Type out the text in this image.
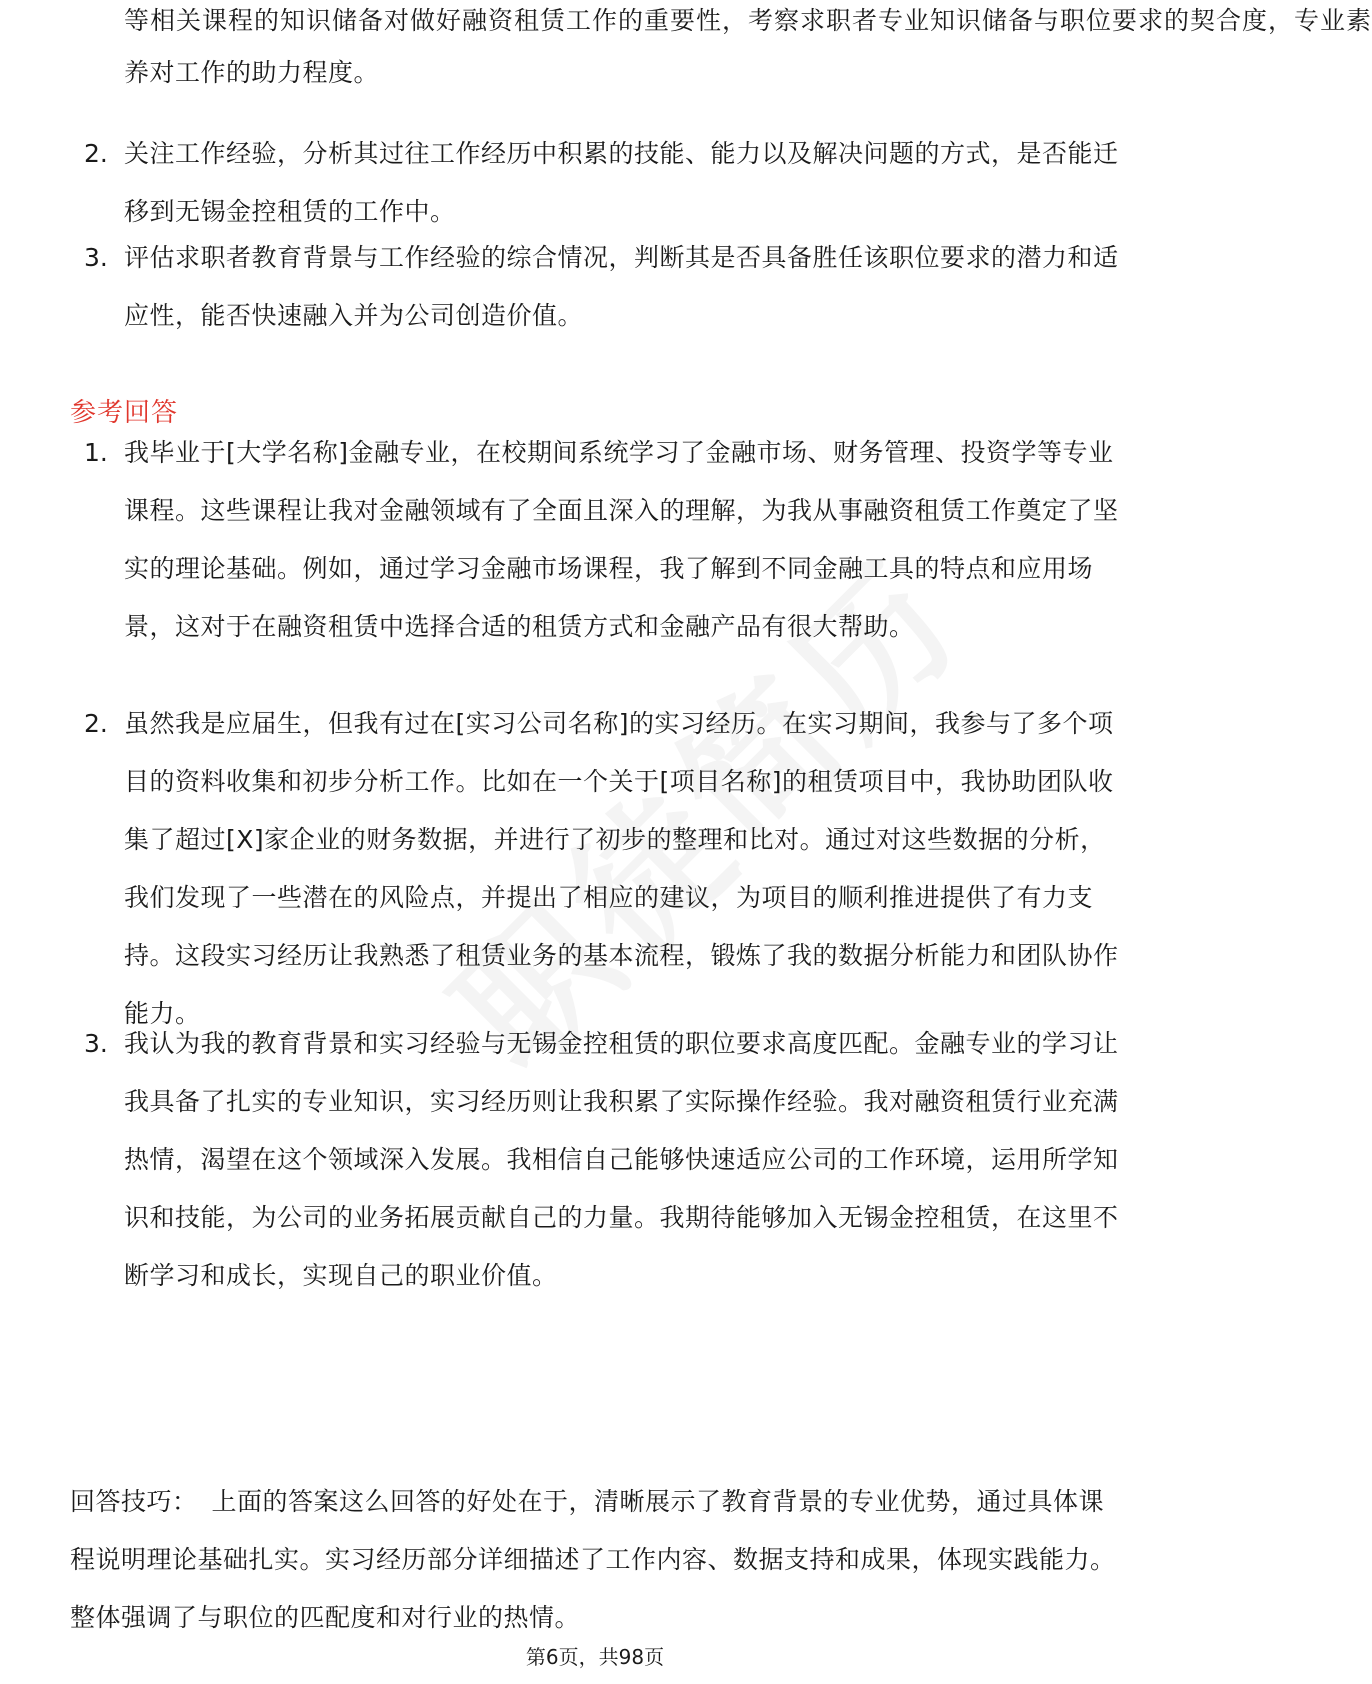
等相关课程的知识储备对做好融资租赁工作的重要性，考察求职者专业知识储备与职位要求的契合度，专业素
养对工作的助力程度。
2. 关注工作经验，分析其过往工作经历中积累的技能、能力以及解决问题的方式，是否能迁移到无锡金控租赁的工作中。
3. 评估求职者教育背景与工作经验的综合情况，判断其是否具备胜任该职位要求的潜力和适应性，能否快速融入并为公司创造价值。
参考回答
1. 我毕业于[大学名称]金融专业，在校期间系统学习了金融市场、财务管理、投资学等专业课程。这些课程让我对金融领域有了全面且深入的理解，为我从事融资租赁工作奠定了坚实的理论基础。例如，通过学习金融市场课程，我了解到不同金融工具的特点和应用场景，这对于在融资租赁中选择合适的租赁方式和金融产品有很大帮助。
2. 虽然我是应届生，但我有过在[实习公司名称]的实习经历。在实习期间，我参与了多个项目的资料收集和初步分析工作。比如在一个关于[项目名称]的租赁项目中，我协助团队收集了超过[X]家企业的财务数据，并进行了初步的整理和比对。通过对这些数据的分析，我们发现了一些潜在的风险点，并提出了相应的建议，为项目的顺利推进提供了有力支持。这段实习经历让我熟悉了租赁业务的基本流程，锻炼了我的数据分析能力和团队协作能力。
3. 我认为我的教育背景和实习经验与无锡金控租赁的职位要求高度匹配。金融专业的学习让我具备了扎实的专业知识，实习经历则让我积累了实际操作经验。我对融资租赁行业充满热情，渴望在这个领域深入发展。我相信自己能够快速适应公司的工作环境，运用所学知识和技能，为公司的业务拓展贡献自己的力量。我期待能够加入无锡金控租赁，在这里不断学习和成长，实现自己的职业价值。
回答技巧： 上面的答案这么回答的好处在于，清晰展示了教育背景的专业优势，通过具体课程说明理论基础扎实。实习经历部分详细描述了工作内容、数据支持和成果，体现实践能力。整体强调了与职位的匹配度和对行业的热情。
第6页，共98页
